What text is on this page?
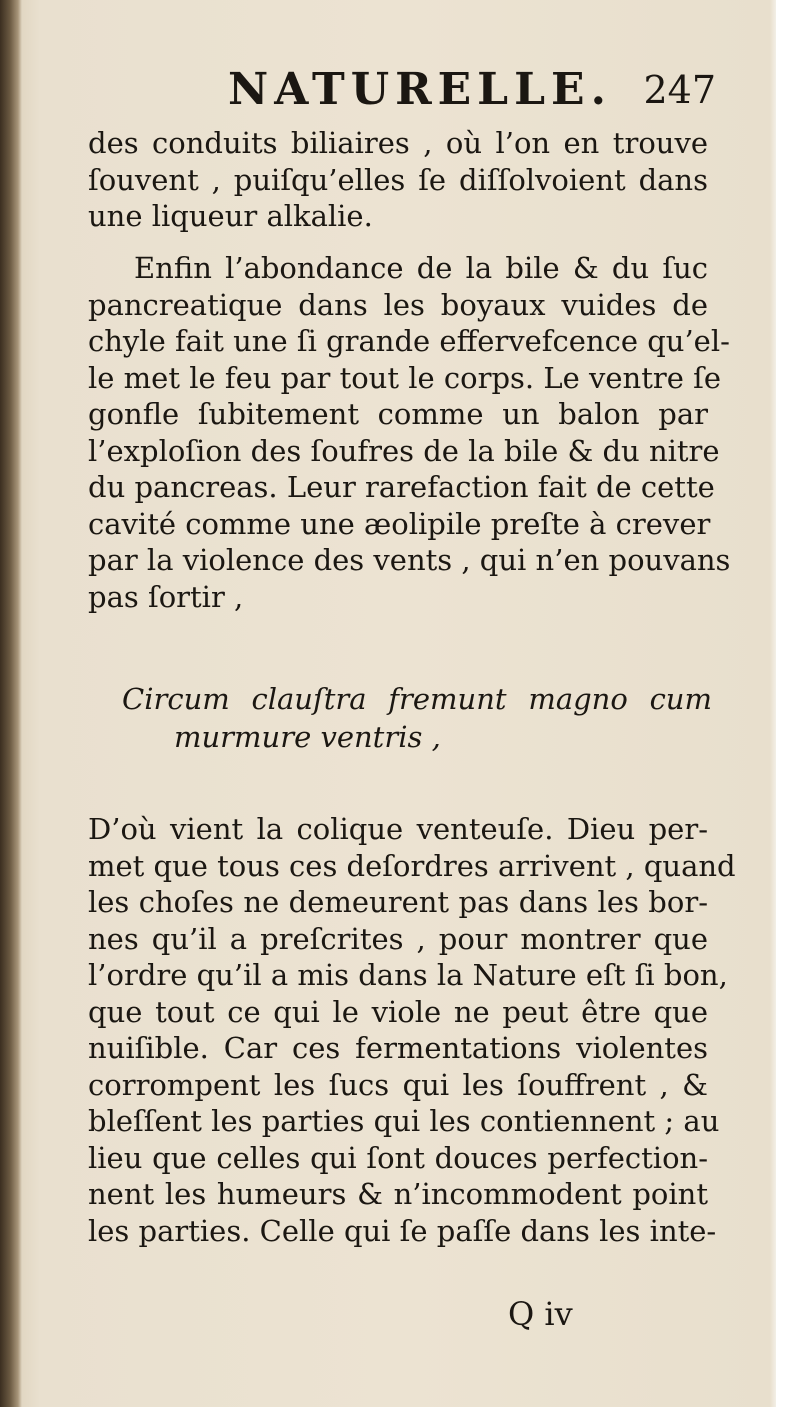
NATURELLE. 247
des conduits biliaires , où l’on en trouve
ſouvent , puiſqu’elles ſe diſſolvoient dans
une liqueur alkalie.
Enfin l’abondance de la bile & du ſuc
pancreatique dans les boyaux vuides de
chyle fait une ſi grande effervefcence qu’el-
le met le feu par tout le corps. Le ventre ſe
gonfle ſubitement comme un balon par
l’exploſion des ſoufres de la bile & du nitre
du pancreas. Leur rarefaction fait de cette
cavité comme une æolipile preſte à crever
par la violence des vents , qui n’en pouvans
pas ſortir ,
Circum clauſtra fremunt magno cum
murmure ventris ,
D’où vient la colique venteuſe. Dieu per-
met que tous ces deſordres arrivent , quand
les choſes ne demeurent pas dans les bor-
nes qu’il a preſcrites , pour montrer que
l’ordre qu’il a mis dans la Nature eſt ſi bon,
que tout ce qui le viole ne peut être que
nuiſible. Car ces fermentations violentes
corrompent les ſucs qui les ſouffrent , &
bleſſent les parties qui les contiennent ; au
lieu que celles qui ſont douces perfection-
nent les humeurs & n’incommodent point
les parties. Celle qui ſe paſſe dans les inte-
Q iv
